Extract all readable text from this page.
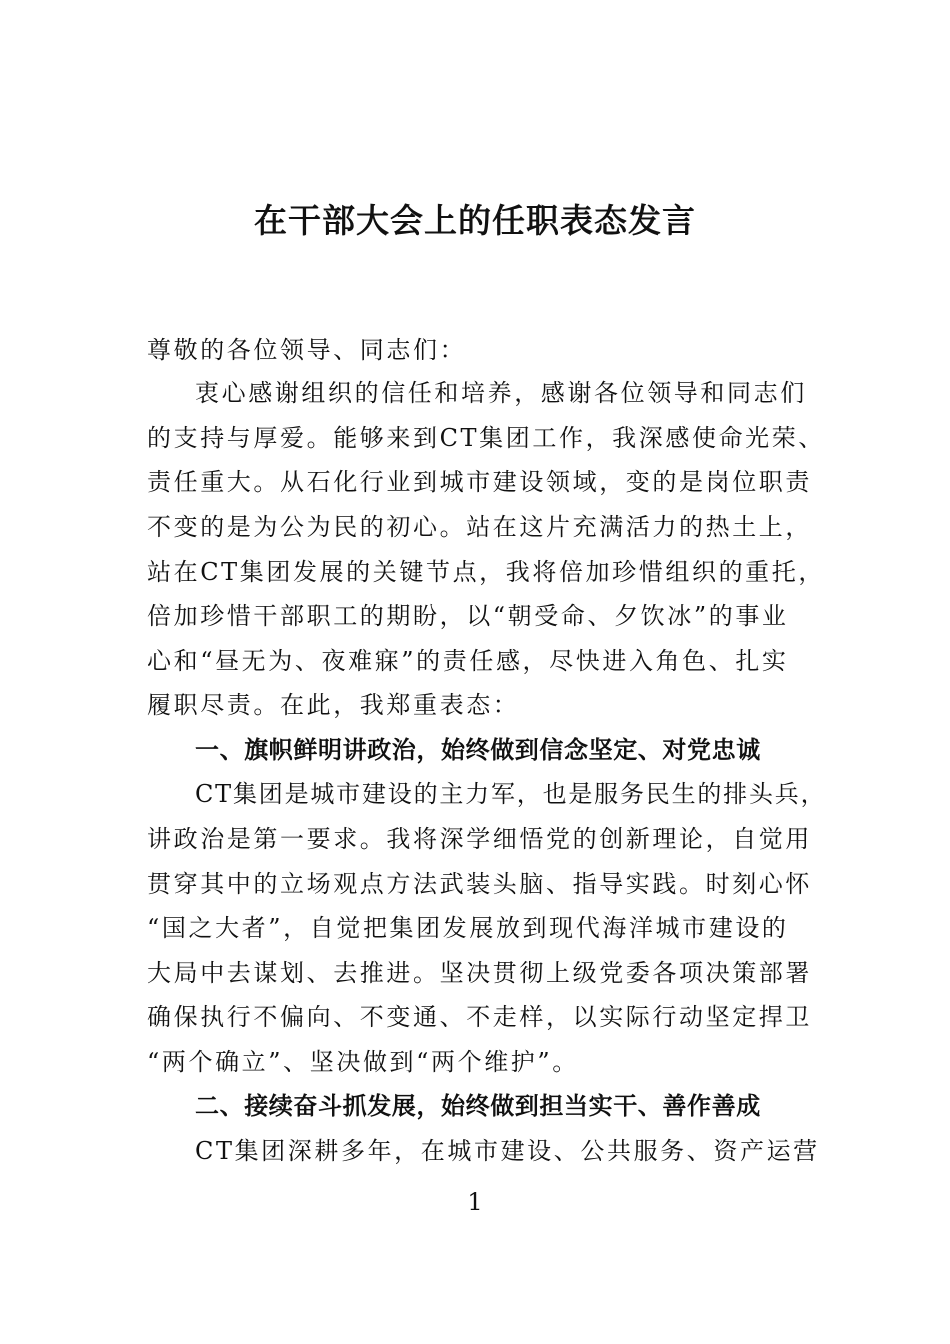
在干部大会上的任职表态发言
尊敬的各位领导、同志们：
衷心感谢组织的信任和培养，感谢各位领导和同志们
的支持与厚爱。能够来到CT集团工作，我深感使命光荣、
责任重大。从石化行业到城市建设领域，变的是岗位职责
不变的是为公为民的初心。站在这片充满活力的热土上，
站在CT集团发展的关键节点，我将倍加珍惜组织的重托，
倍加珍惜干部职工的期盼，以“朝受命、夕饮冰”的事业
心和“昼无为、夜难寐”的责任感，尽快进入角色、扎实
履职尽责。在此，我郑重表态：
一、旗帜鲜明讲政治，始终做到信念坚定、对党忠诚
CT集团是城市建设的主力军，也是服务民生的排头兵，
讲政治是第一要求。我将深学细悟党的创新理论，自觉用
贯穿其中的立场观点方法武装头脑、指导实践。时刻心怀
“国之大者”，自觉把集团发展放到现代海洋城市建设的
大局中去谋划、去推进。坚决贯彻上级党委各项决策部署
确保执行不偏向、不变通、不走样，以实际行动坚定捍卫
“两个确立”、坚决做到“两个维护”。
二、接续奋斗抓发展，始终做到担当实干、善作善成
CT集团深耕多年，在城市建设、公共服务、资产运营
1
